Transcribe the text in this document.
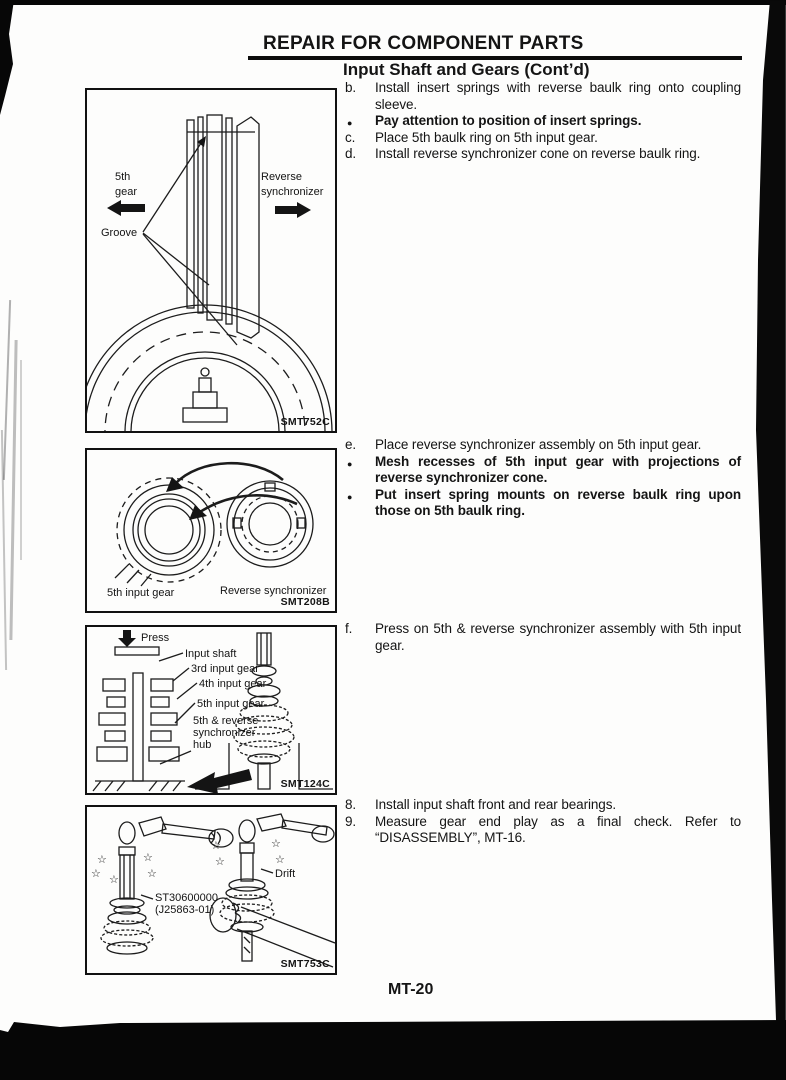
REPAIR FOR COMPONENT PARTS
Input Shaft and Gears (Cont’d)
b. Install insert springs with reverse baulk ring onto coupling sleeve.
● Pay attention to position of insert springs.
c. Place 5th baulk ring on 5th input gear.
d. Install reverse synchronizer cone on reverse baulk ring.
e. Place reverse synchronizer assembly on 5th input gear.
● Mesh recesses of 5th input gear with projections of reverse synchronizer cone.
● Put insert spring mounts on reverse baulk ring upon those on 5th baulk ring.
f. Press on 5th & reverse synchronizer assembly with 5th input gear.
8. Install input shaft front and rear bearings.
9. Measure gear end play as a final check. Refer to “DISASSEMBLY”, MT-16.
5th
gear
Reverse
synchronizer
Groove
SMT752C
5th input gear	Reverse synchronizer
SMT208B
Press
Input shaft
3rd input gear
4th input gear
5th input gear
5th & reverse
synchronizer
hub
SMT124C
☆
☆ ☆
☆
☆
ST30600000
(J25863-01)
☆
☆
☆
☆
Drift
SMT753C
MT-20
